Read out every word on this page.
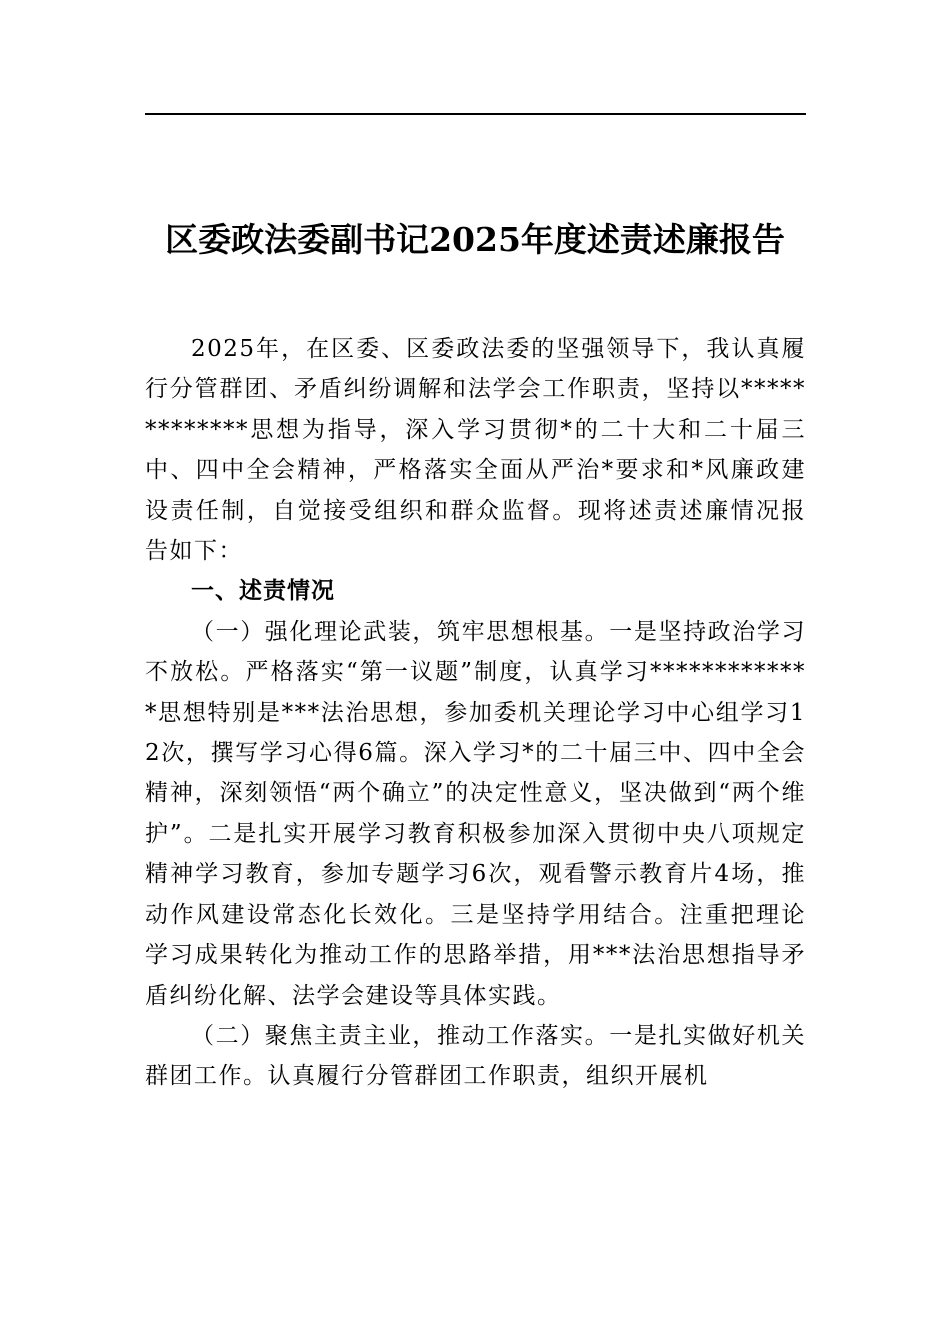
区委政法委副书记2025年度述责述廉报告

2025年，在区委、区委政法委的坚强领导下，我认真履行分管群团、矛盾纠纷调解和法学会工作职责，坚持以*************思想为指导，深入学习贯彻*的二十大和二十届三中、四中全会精神，严格落实全面从严治*要求和*风廉政建设责任制，自觉接受组织和群众监督。现将述责述廉情况报告如下：

一、述责情况

（一）强化理论武装，筑牢思想根基。一是坚持政治学习不放松。严格落实“第一议题”制度，认真学习*************思想特别是***法治思想，参加委机关理论学习中心组学习12次，撰写学习心得6篇。深入学习*的二十届三中、四中全会精神，深刻领悟“两个确立”的决定性意义，坚决做到“两个维护”。二是扎实开展学习教育积极参加深入贯彻中央八项规定精神学习教育，参加专题学习6次，观看警示教育片4场，推动作风建设常态化长效化。三是坚持学用结合。注重把理论学习成果转化为推动工作的思路举措，用***法治思想指导矛盾纠纷化解、法学会建设等具体实践。

（二）聚焦主责主业，推动工作落实。一是扎实做好机关群团工作。认真履行分管群团工作职责，组织开展机
